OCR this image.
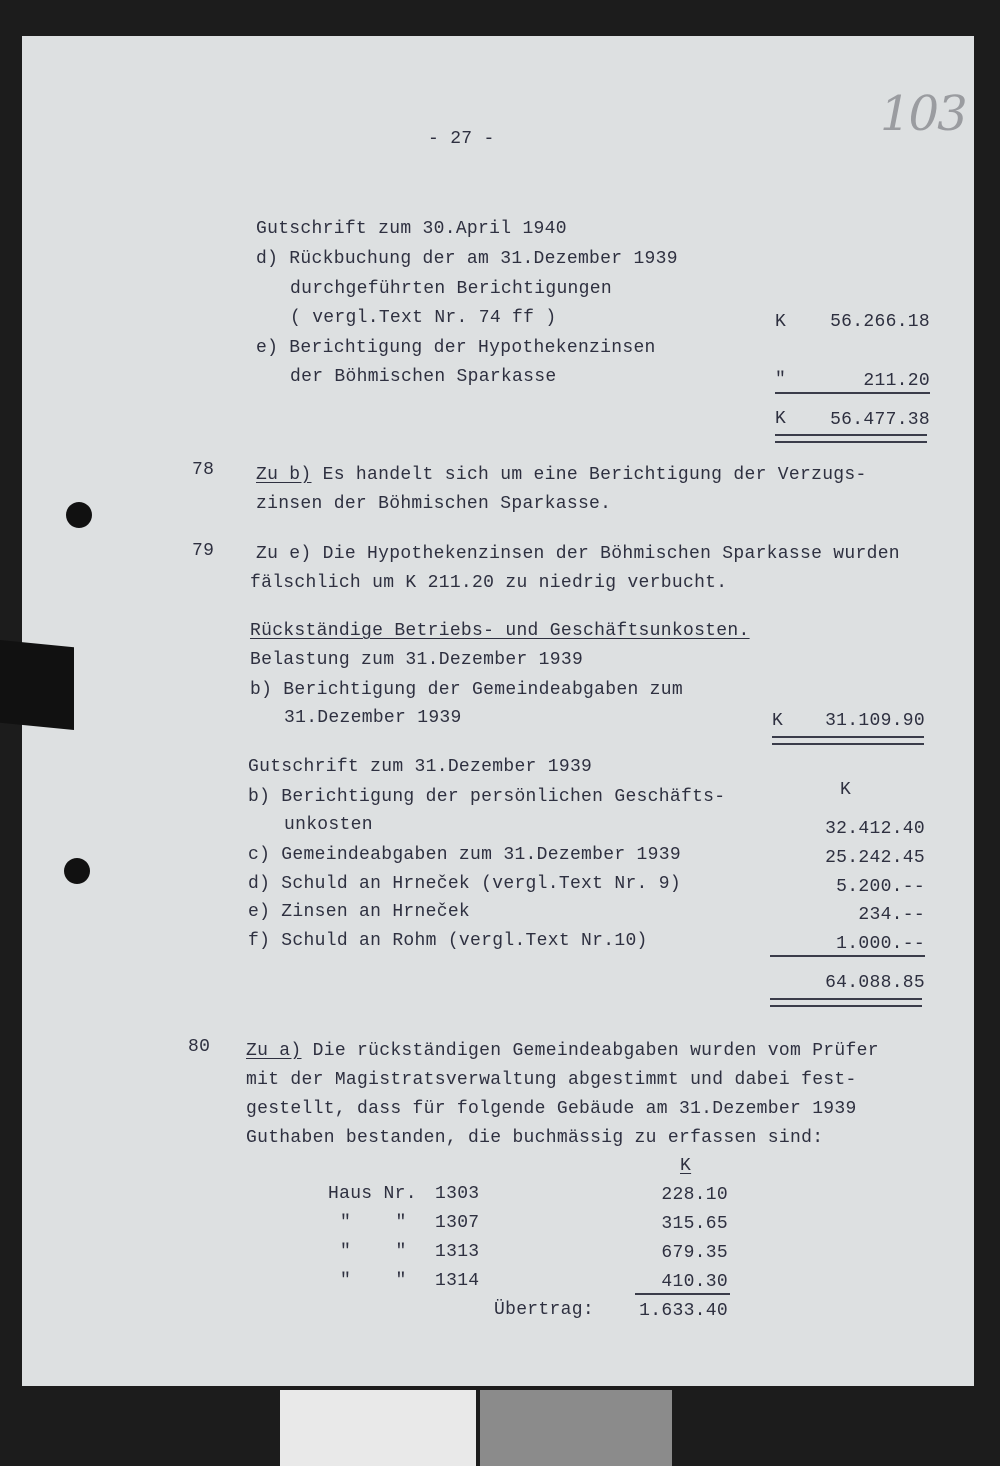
103
- 27 -
Gutschrift zum 30.April 1940
d) Rückbuchung der am 31.Dezember 1939
durchgeführten Berichtigungen
( vergl.Text Nr. 74 ff )	K	56.266.18
e) Berichtigung der Hypothekenzinsen
der Böhmischen Sparkasse	"	211.20
K	56.477.38
78 Zu b) Es handelt sich um eine Berichtigung der Verzugs-
zinsen der Böhmischen Sparkasse.
79 Zu e) Die Hypothekenzinsen der Böhmischen Sparkasse wurden
fälschlich um K 211.20 zu niedrig verbucht.
Rückständige Betriebs- und Geschäftsunkosten.
Belastung zum 31.Dezember 1939
b) Berichtigung der Gemeindeabgaben zum
31.Dezember 1939	K	31.109.90
Gutschrift zum 31.Dezember 1939
K
b) Berichtigung der persönlichen Geschäfts-
unkosten	32.412.40
c) Gemeindeabgaben zum 31.Dezember 1939	25.242.45
d) Schuld an Hrneček (vergl.Text Nr. 9)	5.200.--
e) Zinsen an Hrneček	234.--
f) Schuld an Rohm (vergl.Text Nr.10)	1.000.--
64.088.85
80 Zu a) Die rückständigen Gemeindeabgaben wurden vom Prüfer
mit der Magistratsverwaltung abgestimmt und dabei fest-
gestellt, dass für folgende Gebäude am 31.Dezember 1939
Guthaben bestanden, die buchmässig zu erfassen sind:
K
Haus Nr. 1303	228.10
"    " 1307	315.65
"    " 1313	679.35
"    " 1314	410.30
Übertrag:	1.633.40
